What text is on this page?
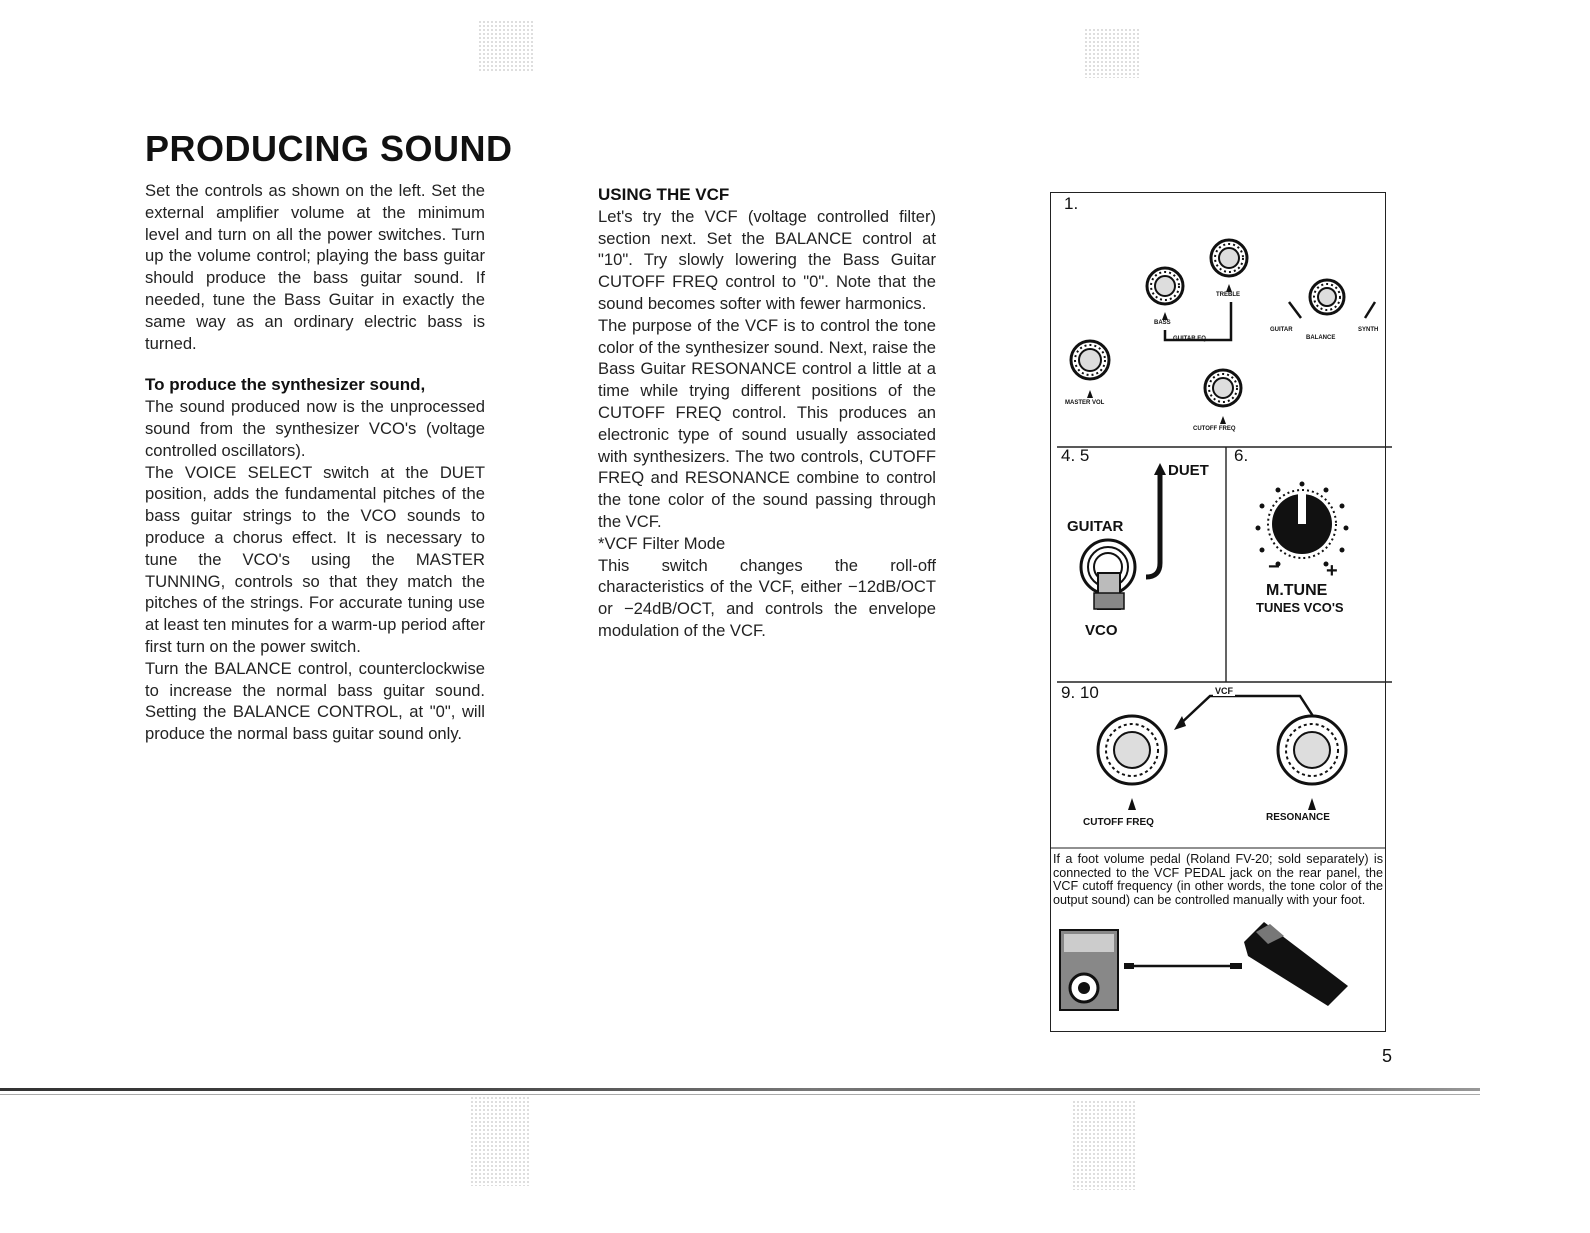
PRODUCING SOUND

Set the controls as shown on the left. Set the external amplifier volume at the minimum level and turn on all the power switches. Turn up the volume control; playing the bass guitar should produce the bass guitar sound. If needed, tune the Bass Guitar in exactly the same way as an ordinary electric bass is turned.

To produce the synthesizer sound,

The sound produced now is the unprocessed sound from the synthesizer VCO's (voltage controlled oscillators).

The VOICE SELECT switch at the DUET position, adds the fundamental pitches of the bass guitar strings to the VCO sounds to produce a chorus effect. It is necessary to tune the VCO's using the MASTER TUNNING, controls so that they match the pitches of the strings. For accurate tuning use at least ten minutes for a warm-up period after first turn on the power switch.

Turn the BALANCE control, counterclockwise to increase the normal bass guitar sound. Setting the BALANCE CONTROL, at "0", will produce the normal bass guitar sound only.

USING THE VCF

Let's try the VCF (voltage controlled filter) section next. Set the BALANCE control at "10". Try slowly lowering the Bass Guitar CUTOFF FREQ control to "0". Note that the sound becomes softer with fewer harmonics.

The purpose of the VCF is to control the tone color of the synthesizer sound. Next, raise the Bass Guitar RESONANCE control a little at a time while trying different positions of the CUTOFF FREQ control. This produces an electronic type of sound usually associated with synthesizers. The two controls, CUTOFF FREQ and RESONANCE combine to control the tone color of the sound passing through the VCF.

*VCF Filter Mode

This switch changes the roll-off characteristics of the VCF, either −12dB/OCT or −24dB/OCT, and controls the envelope modulation of the VCF.

1.
4. 5	6.
9. 10
MASTER VOL
BASS
TREBLE
GUITAR EQ
GUITAR	SYNTH
BALANCE
CUTOFF FREQ
DUET
GUITAR
VCO
− +
M.TUNE
TUNES VCO'S
VCF
CUTOFF FREQ	RESONANCE
If a foot volume pedal (Roland FV-20; sold separately) is connected to the VCF PEDAL jack on the rear panel, the VCF cutoff frequency (in other words, the tone color of the output sound) can be controlled manually with your foot.
5
